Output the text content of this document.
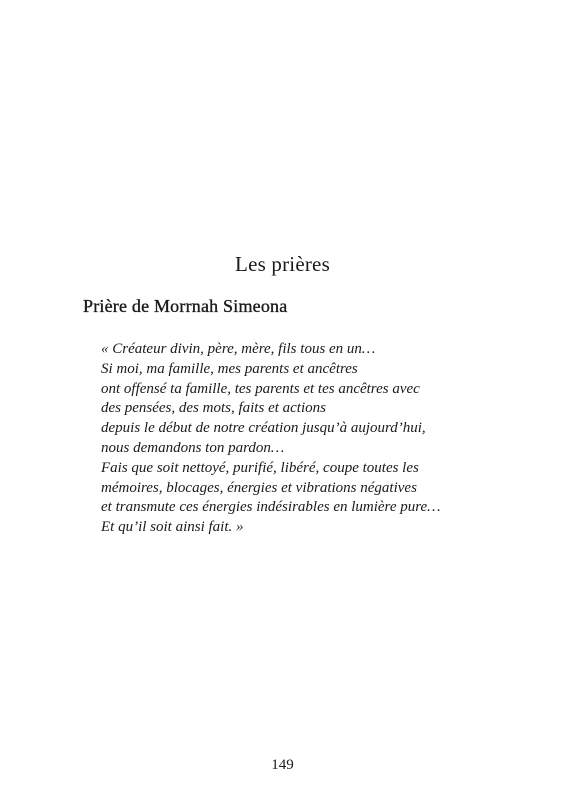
Les prières
Prière de Morrnah Simeona
« Créateur divin, père, mère, fils tous en un…
Si moi, ma famille, mes parents et ancêtres
ont offensé ta famille, tes parents et tes ancêtres avec
des pensées, des mots, faits et actions
depuis le début de notre création jusqu’à aujourd’hui,
nous demandons ton pardon…
Fais que soit nettoyé, purifié, libéré, coupe toutes les
mémoires, blocages, énergies et vibrations négatives
et transmute ces énergies indésirables en lumière pure…
Et qu’il soit ainsi fait. »
149
